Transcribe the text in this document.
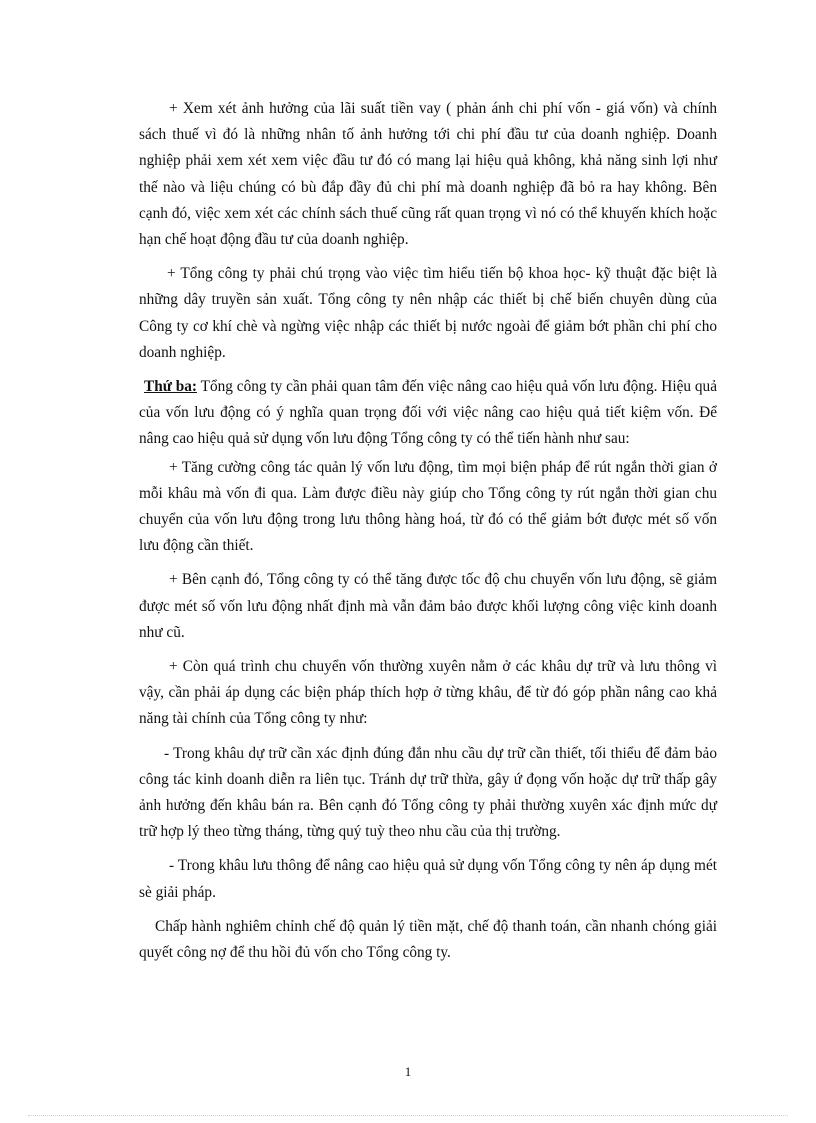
+ Xem xét ảnh hưởng của lãi suất tiền vay ( phản ánh chi phí vốn - giá vốn) và chính sách thuế vì đó là những nhân tố ảnh hưởng tới chi phí đầu tư của doanh nghiệp. Doanh nghiệp phải xem xét xem việc đầu tư đó có mang lại hiệu quả không, khả năng sinh lợi như thế nào và liệu chúng có bù đắp đầy đủ chi phí mà doanh nghiệp đã bỏ ra hay không. Bên cạnh đó, việc xem xét các chính sách thuế cũng rất quan trọng vì nó có thể khuyến khích hoặc hạn chế hoạt động đầu tư của doanh nghiệp.

+ Tổng công ty phải chú trọng vào việc tìm hiểu tiến bộ khoa học- kỹ thuật đặc biệt là những dây truyền sản xuất. Tổng công ty nên nhập các thiết bị chế biến chuyên dùng của Công ty cơ khí chè và ngừng việc nhập các thiết bị nước ngoài để giảm bớt phần chi phí cho doanh nghiệp.

Thứ ba: Tổng công ty cần phải quan tâm đến việc nâng cao hiệu quả vốn lưu động. Hiệu quả của vốn lưu động có ý nghĩa quan trọng đối với việc nâng cao hiệu quả tiết kiệm vốn. Để nâng cao hiệu quả sử dụng vốn lưu động Tổng công ty có thể tiến hành như sau:

+ Tăng cường công tác quản lý vốn lưu động, tìm mọi biện pháp để rút ngắn thời gian ở mỗi khâu mà vốn đi qua. Làm được điều này giúp cho Tổng công ty rút ngắn thời gian chu chuyển của vốn lưu động trong lưu thông hàng hoá, từ đó có thể giảm bớt được mét số vốn lưu động cần thiết.

+ Bên cạnh đó, Tổng công ty có thể tăng được tốc độ chu chuyển vốn lưu động, sẽ giảm được mét số vốn lưu động nhất định mà vẫn đảm bảo được khối lượng công việc kinh doanh như cũ.

+ Còn quá trình chu chuyển vốn thường xuyên nằm ở các khâu dự trữ và lưu thông vì vậy, cần phải áp dụng các biện pháp thích hợp ở từng khâu, để từ đó góp phần nâng cao khả năng tài chính của Tổng công ty như:

- Trong khâu dự trữ cần xác định đúng đắn nhu cầu dự trữ cần thiết, tối thiểu để đảm bảo công tác kinh doanh diễn ra liên tục. Tránh dự trữ thừa, gây ứ đọng vốn hoặc dự trữ thấp gây ảnh hưởng đến khâu bán ra. Bên cạnh đó Tổng công ty phải thường xuyên xác định mức dự trữ hợp lý theo từng tháng, từng quý tuỳ theo nhu cầu của thị trường.

- Trong khâu lưu thông để nâng cao hiệu quả sử dụng vốn Tổng công ty nên áp dụng mét sè giải pháp.

Chấp hành nghiêm chỉnh chế độ quản lý tiền mặt, chế độ thanh toán, cần nhanh chóng giải quyết công nợ để thu hồi đủ vốn cho Tổng công ty.

1
